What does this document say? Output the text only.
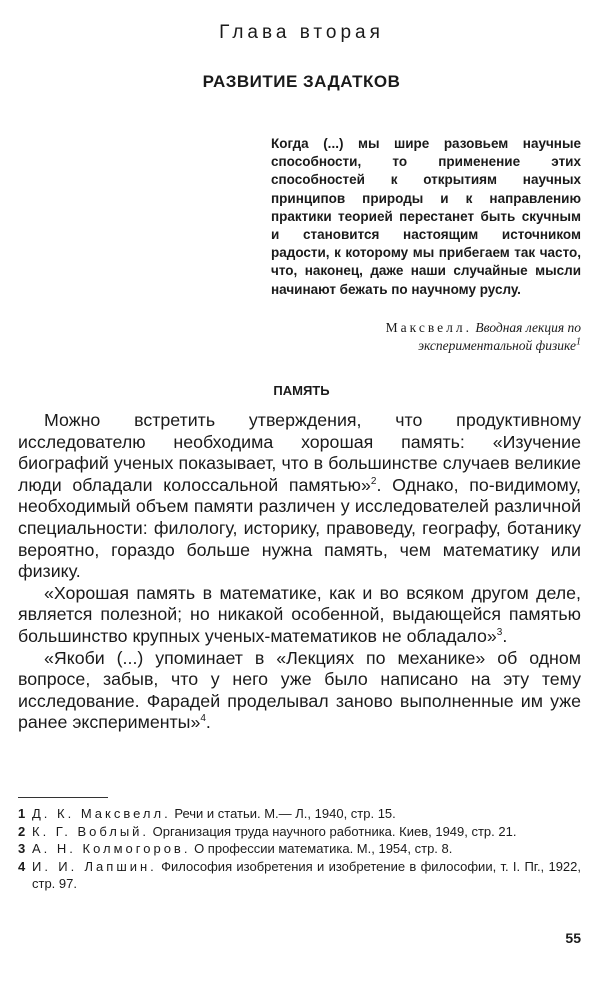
Глава вторая
РАЗВИТИЕ ЗАДАТКОВ
Когда (...) мы шире разовьем научные способности, то применение этих способностей к открытиям научных принципов природы и к направлению практики теорией перестанет быть скучным и становится настоящим источником радости, к которому мы прибегаем так часто, что, наконец, даже наши случайные мысли начинают бежать по научному руслу.
Максвелл. Вводная лекция по экспериментальной физике$^1$
ПАМЯТЬ

Можно встретить утверждения, что продуктивному исследователю необходима хорошая память: «Изучение биографий ученых показывает, что в большинстве случаев великие люди обладали колоссальной памятью»$^2$. Однако, по-видимому, необходимый объем памяти различен у исследователей различной специальности: филологу, историку, правоведу, географу, ботанику вероятно, гораздо больше нужна память, чем математику или физику.

«Хорошая память в математике, как и во всяком другом деле, является полезной; но никакой особенной, выдающейся памятью большинство крупных ученых-математиков не обладало»$^3$.

«Якоби (...) упоминает в «Лекциях по механике» об одном вопросе, забыв, что у него уже было написано на эту тему исследование. Фарадей проделывал заново выполненные им уже ранее эксперименты»$^4$.

1 Д. К. Максвелл. Речи и статьи. М.— Л., 1940, стр. 15.

2 К. Г. Воблый. Организация труда научного работника. Киев, 1949, стр. 21.

3 А. Н. Колмогоров. О профессии математика. М., 1954, стр. 8.

4 И. И. Лапшин. Философия изобретения и изобретение в философии, т. I. Пг., 1922, стр. 97.

55
